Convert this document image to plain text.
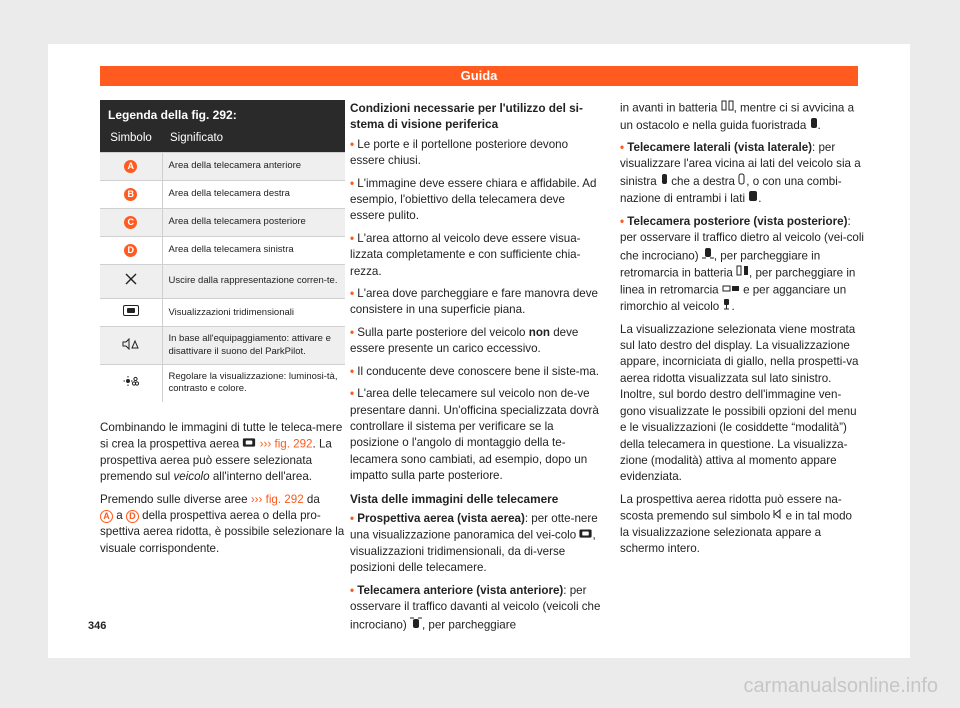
Guida
Legenda della fig. 292:	
Simbolo	Significato
A	Area della telecamera anteriore
B	Area della telecamera destra
C	Area della telecamera posteriore
D	Area della telecamera sinistra
	Uscire dalla rappresentazione corren-te.
	Visualizzazioni tridimensionali
	In base all'equipaggiamento: attivare e disattivare il suono del ParkPilot.
	Regolare la visualizzazione: luminosi-tà, contrasto e colore.

Combinando le immagini di tutte le teleca-mere si crea la prospettiva aerea ››› fig. 292. La prospettiva aerea può essere selezionata premendo sul veicolo all'interno dell'area.

Premendo sulle diverse aree ››› fig. 292 da
A a D della prospettiva aerea o della pro-spettiva aerea ridotta, è possibile selezionare la visuale corrispondente.

Condizioni necessarie per l'utilizzo del si-stema di visione periferica

• Le porte e il portellone posteriore devono essere chiusi.

• L'immagine deve essere chiara e affidabile. Ad esempio, l'obiettivo della telecamera deve essere pulito.

• L'area attorno al veicolo deve essere visua-lizzata completamente e con sufficiente chia-rezza.

• L'area dove parcheggiare e fare manovra deve consistere in una superficie piana.

• Sulla parte posteriore del veicolo non deve essere presente un carico eccessivo.

• Il conducente deve conoscere bene il siste-ma.

• L'area delle telecamere sul veicolo non de-ve presentare danni. Un'officina specializzata dovrà controllare il sistema per verificare se la posizione o l'angolo di montaggio della te-lecamera sono cambiati, ad esempio, dopo un impatto sulla parte posteriore.

Vista delle immagini delle telecamere

• Prospettiva aerea (vista aerea): per otte-nere una visualizzazione panoramica del vei-colo , visualizzazioni tridimensionali, da di-verse posizioni delle telecamere.

• Telecamera anteriore (vista anteriore): per osservare il traffico davanti al veicolo (veicoli che incrociano) , per parcheggiare

in avanti in batteria , mentre ci si avvicina a un ostacolo e nella guida fuoristrada .

• Telecamere laterali (vista laterale): per visualizzare l'area vicina ai lati del veicolo sia a sinistra che a destra , o con una combi-nazione di entrambi i lati .

• Telecamera posteriore (vista posteriore): per osservare il traffico dietro al veicolo (vei-coli che incrociano) , per parcheggiare in retromarcia in batteria , per parcheggiare in linea in retromarcia e per agganciare un rimorchio al veicolo .

La visualizzazione selezionata viene mostrata sul lato destro del display. La visualizzazione appare, incorniciata di giallo, nella prospetti-va aerea ridotta visualizzata sul lato sinistro. Inoltre, sul bordo destro dell'immagine ven-gono visualizzate le possibili opzioni del menu e le visualizzazioni (le cosiddette “modalità”) della telecamera in questione. La visualizza-zione (modalità) attiva al momento appare evidenziata.

La prospettiva aerea ridotta può essere na-scosta premendo sul simbolo e in tal modo la visualizzazione selezionata appare a schermo intero.

346
carmanualsonline.info
